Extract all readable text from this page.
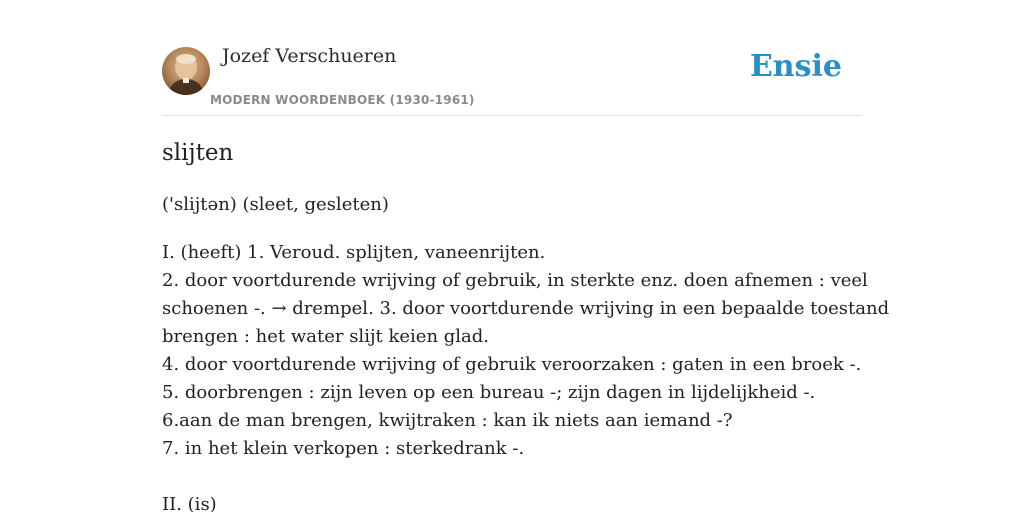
Jozef Verschueren
MODERN WOORDENBOEK (1930-1961)
Ensie
slijten
('slijtən) (sleet, gesleten)
I. (heeft) 1. Veroud. splijten, vaneenrijten.
2. door voortdurende wrijving of gebruik, in sterkte enz. doen afnemen : veel
schoenen -. → drempel. 3. door voortdurende wrijving in een bepaalde toestand
brengen : het water slijt keien glad.
4. door voortdurende wrijving of gebruik veroorzaken : gaten in een broek -.
5. doorbrengen : zijn leven op een bureau -; zijn dagen in lijdelijkheid -.
6.aan de man brengen, kwijtraken : kan ik niets aan iemand -?
7. in het klein verkopen : sterkedrank -.
II. (is)
